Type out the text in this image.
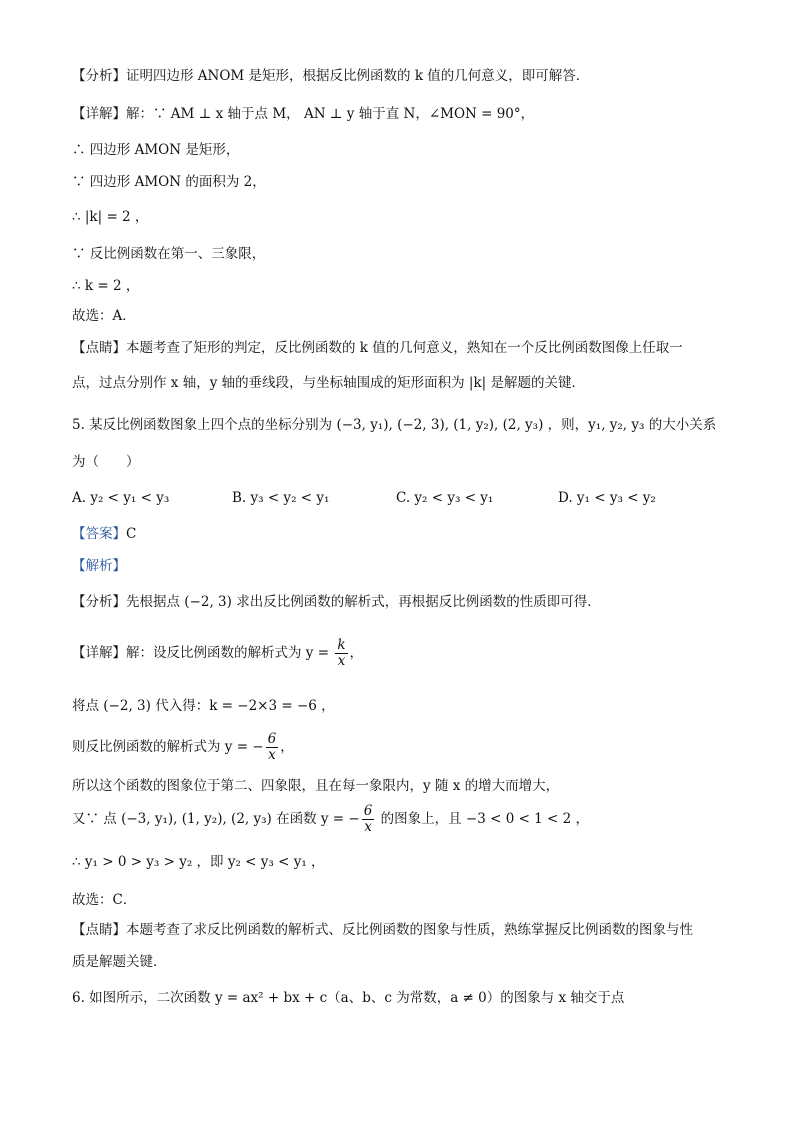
【分析】证明四边形 ANOM 是矩形，根据反比例函数的 k 值的几何意义，即可解答．
【详解】解：∵ AM ⊥ x 轴于点 M， AN ⊥ y 轴于直 N，∠MON = 90°，
∴ 四边形 AMON 是矩形，
∵ 四边形 AMON 的面积为 2，
∴ |k| = 2 ，
∵ 反比例函数在第一、三象限，
∴ k = 2 ，
故选：A．
【点睛】本题考查了矩形的判定，反比例函数的 k 值的几何意义，熟知在一个反比例函数图像上任取一
点，过点分别作 x 轴，y 轴的垂线段，与坐标轴围成的矩形面积为 |k| 是解题的关键．
5. 某反比例函数图象上四个点的坐标分别为 (−3, y₁), (−2, 3), (1, y₂), (2, y₃) ，则，y₁, y₂, y₃ 的大小关系
为（　　）
A. y₂ < y₁ < y₃	B. y₃ < y₂ < y₁	C. y₂ < y₃ < y₁	D. y₁ < y₃ < y₂
【答案】C
【解析】
【分析】先根据点 (−2, 3) 求出反比例函数的解析式，再根据反比例函数的性质即可得．
【详解】解：设反比例函数的解析式为 $y = \frac{k}{x}$ ，
将点 (−2, 3) 代入得：k = −2×3 = −6 ，
则反比例函数的解析式为 y = − $\frac{6}{x}$ ，
所以这个函数的图象位于第二、四象限，且在每一象限内，y 随 x 的增大而增大，
又∵ 点 (−3, y₁), (1, y₂), (2, y₃) 在函数 y = − $\frac{6}{x}$ 的图象上，且 −3 < 0 < 1 < 2 ，
∴ y₁ > 0 > y₃ > y₂ ，即 y₂ < y₃ < y₁ ，
故选：C．
【点睛】本题考查了求反比例函数的解析式、反比例函数的图象与性质，熟练掌握反比例函数的图象与性
质是解题关键．
6. 如图所示，二次函数 y = ax² + bx + c（a、b、c 为常数，a ≠ 0）的图象与 x 轴交于点
